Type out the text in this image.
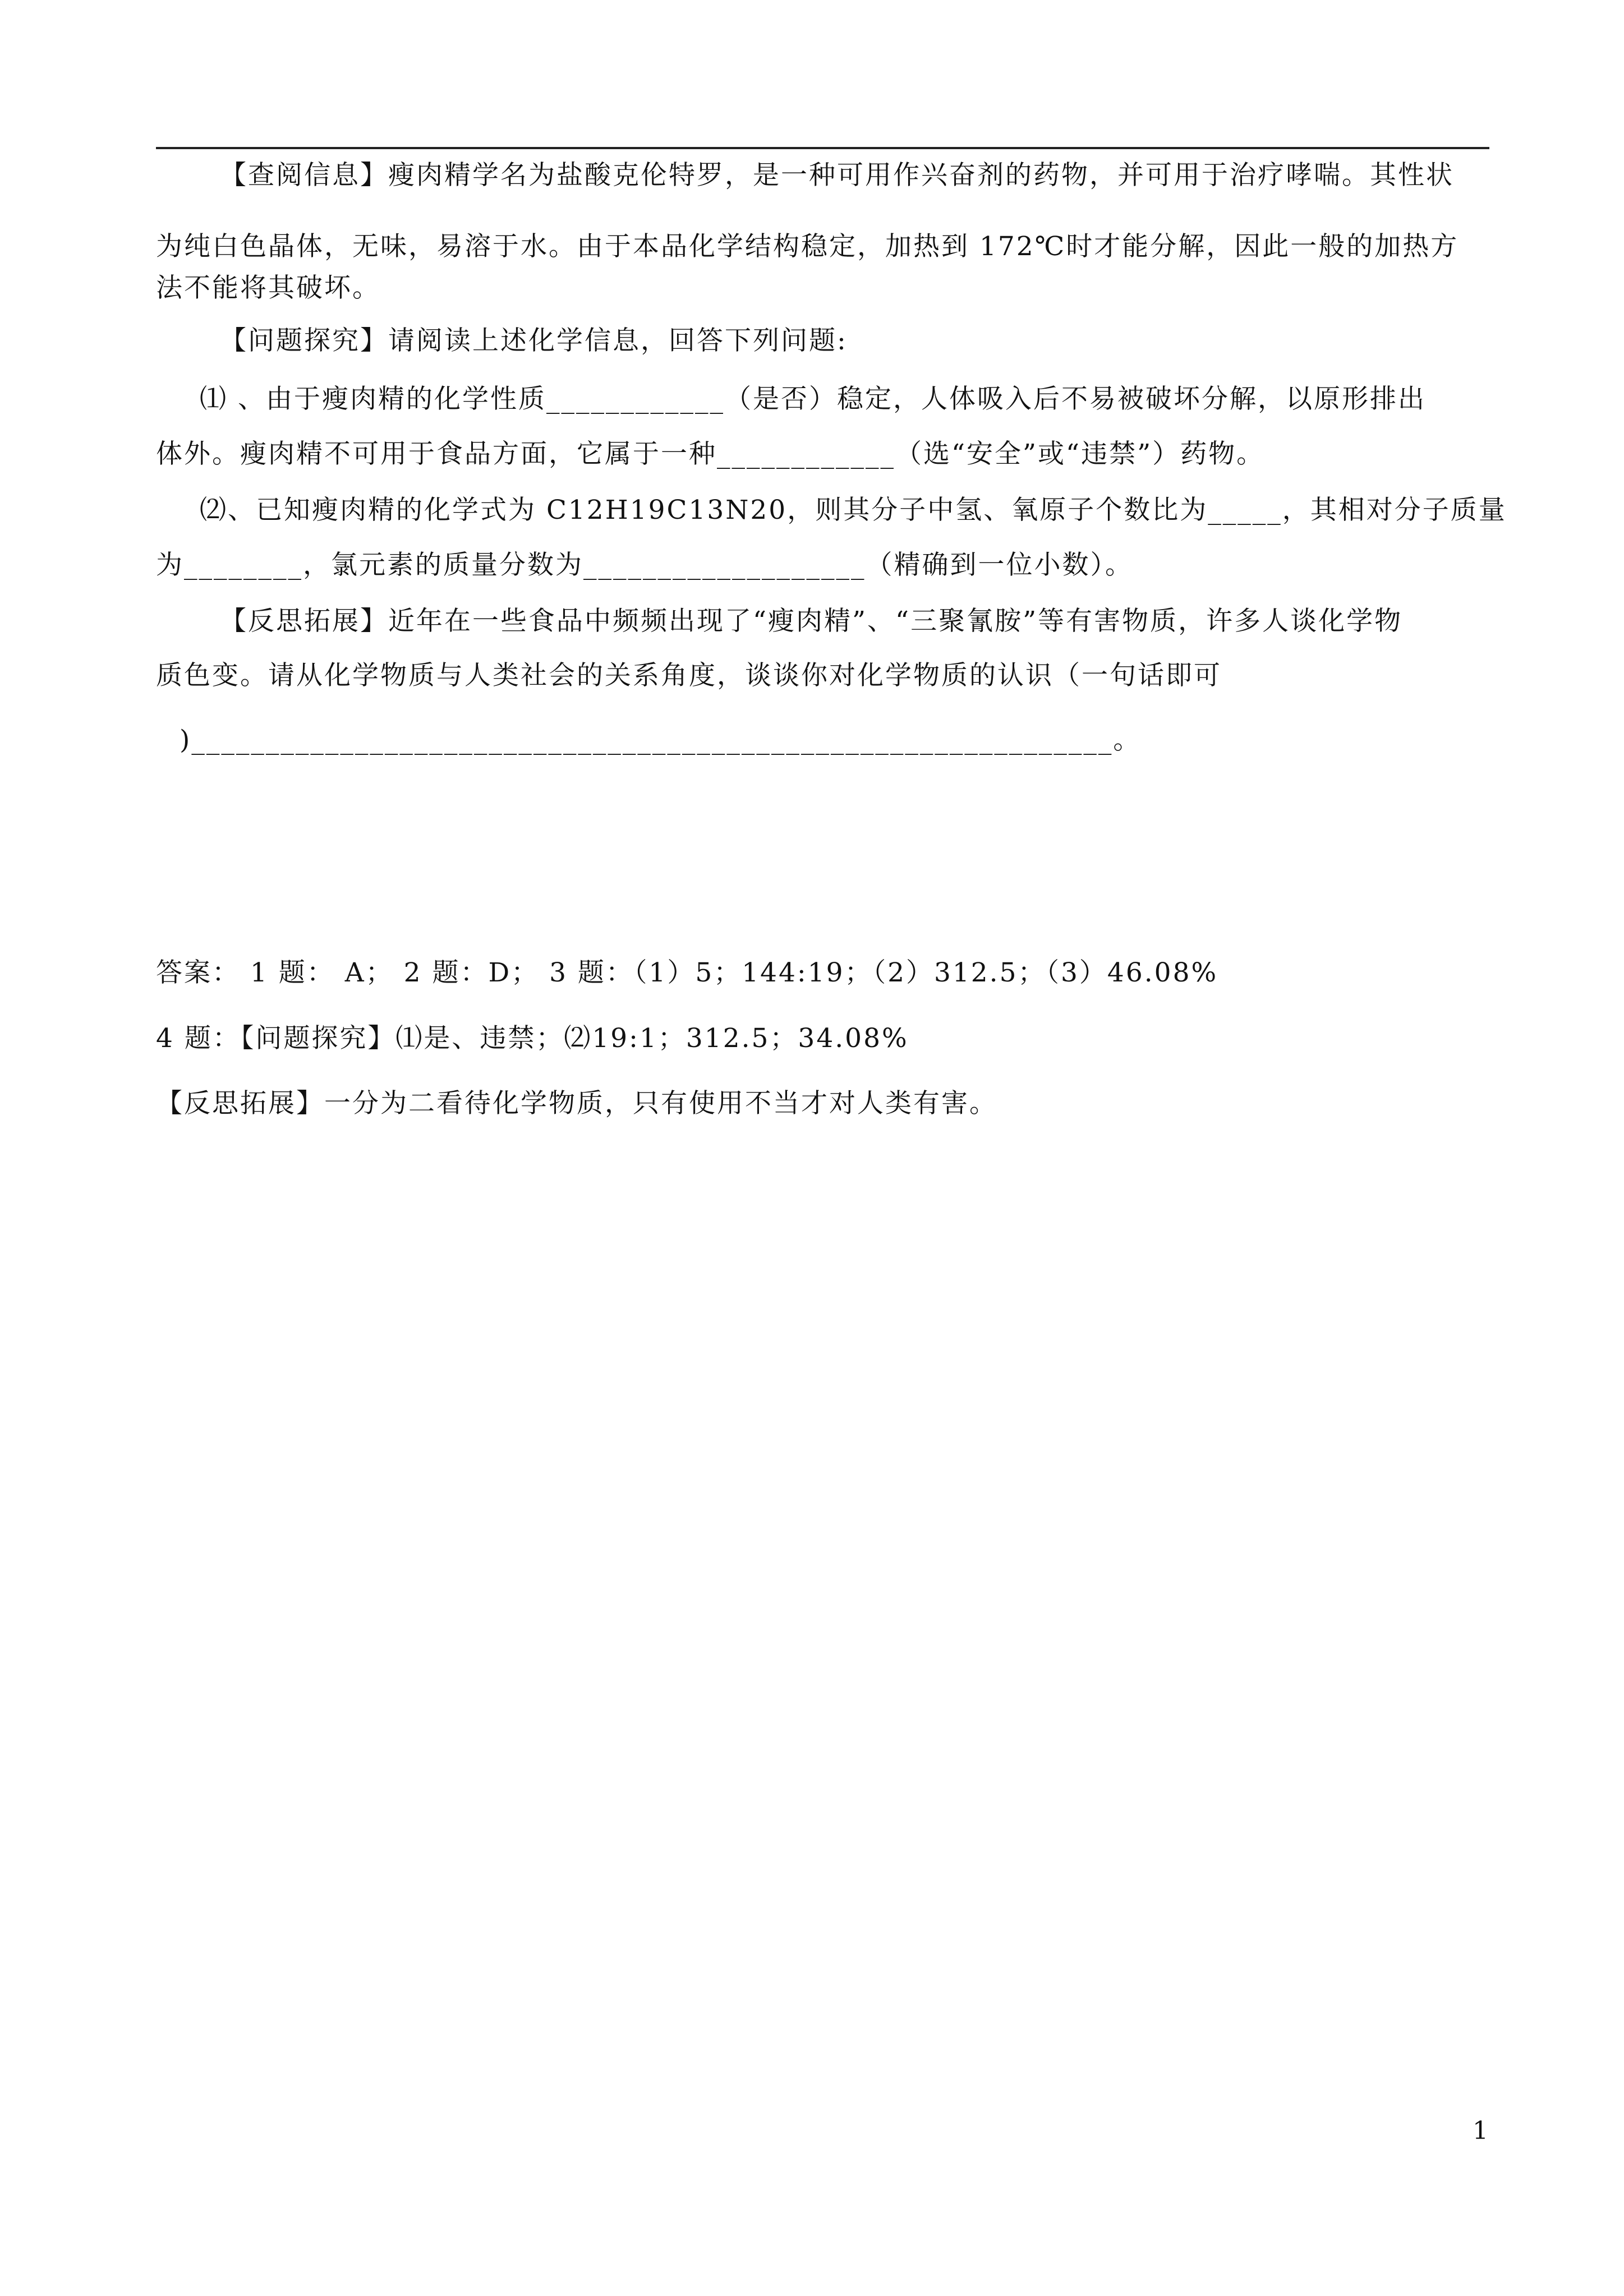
【查阅信息】瘦肉精学名为盐酸克伦特罗，是一种可用作兴奋剂的药物，并可用于治疗哮喘。其性状
为纯白色晶体，无味，易溶于水。由于本品化学结构稳定，加热到 172℃时才能分解，因此一般的加热方
法不能将其破坏。
【问题探究】请阅读上述化学信息，回答下列问题:
⑴ 、由于瘦肉精的化学性质____________（是否）稳定，人体吸入后不易被破坏分解，以原形排出
体外。瘦肉精不可用于食品方面，它属于一种____________（选“安全”或“违禁”）药物。
⑵、已知瘦肉精的化学式为 C12H19C13N20，则其分子中氢、氧原子个数比为_____，其相对分子质量
为________，氯元素的质量分数为___________________（精确到一位小数）。
【反思拓展】近年在一些食品中频频出现了“瘦肉精”、“三聚氰胺”等有害物质，许多人谈化学物
质色变。请从化学物质与人类社会的关系角度，谈谈你对化学物质的认识（一句话即可
)______________________________________________________________。
答案： 1 题： A； 2 题：D； 3 题：（1）5；144:19；（2）312.5；（3）46.08%
4 题：【问题探究】⑴是、违禁；⑵19:1；312.5；34.08%
【反思拓展】一分为二看待化学物质，只有使用不当才对人类有害。
1
